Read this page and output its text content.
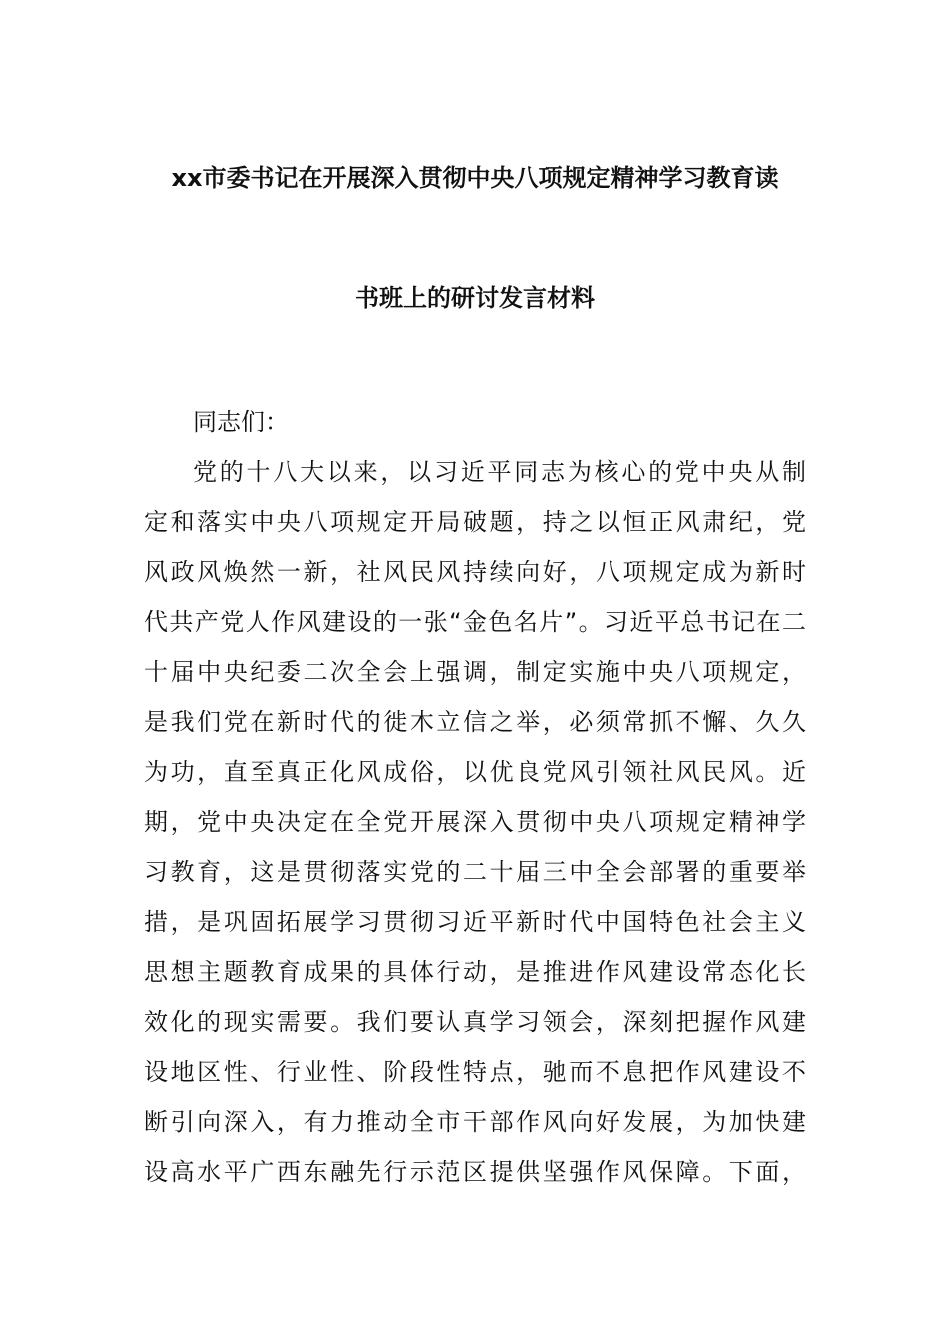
xx市委书记在开展深入贯彻中央八项规定精神学习教育读
书班上的研讨发言材料
同志们：
党的十八大以来，以习近平同志为核心的党中央从制
定和落实中央八项规定开局破题，持之以恒正风肃纪，党
风政风焕然一新，社风民风持续向好，八项规定成为新时
代共产党人作风建设的一张“金色名片”。习近平总书记在二
十届中央纪委二次全会上强调，制定实施中央八项规定，
是我们党在新时代的徙木立信之举，必须常抓不懈、久久
为功，直至真正化风成俗，以优良党风引领社风民风。近
期，党中央决定在全党开展深入贯彻中央八项规定精神学
习教育，这是贯彻落实党的二十届三中全会部署的重要举
措，是巩固拓展学习贯彻习近平新时代中国特色社会主义
思想主题教育成果的具体行动，是推进作风建设常态化长
效化的现实需要。我们要认真学习领会，深刻把握作风建
设地区性、行业性、阶段性特点，驰而不息把作风建设不
断引向深入，有力推动全市干部作风向好发展，为加快建
设高水平广西东融先行示范区提供坚强作风保障。下面，
